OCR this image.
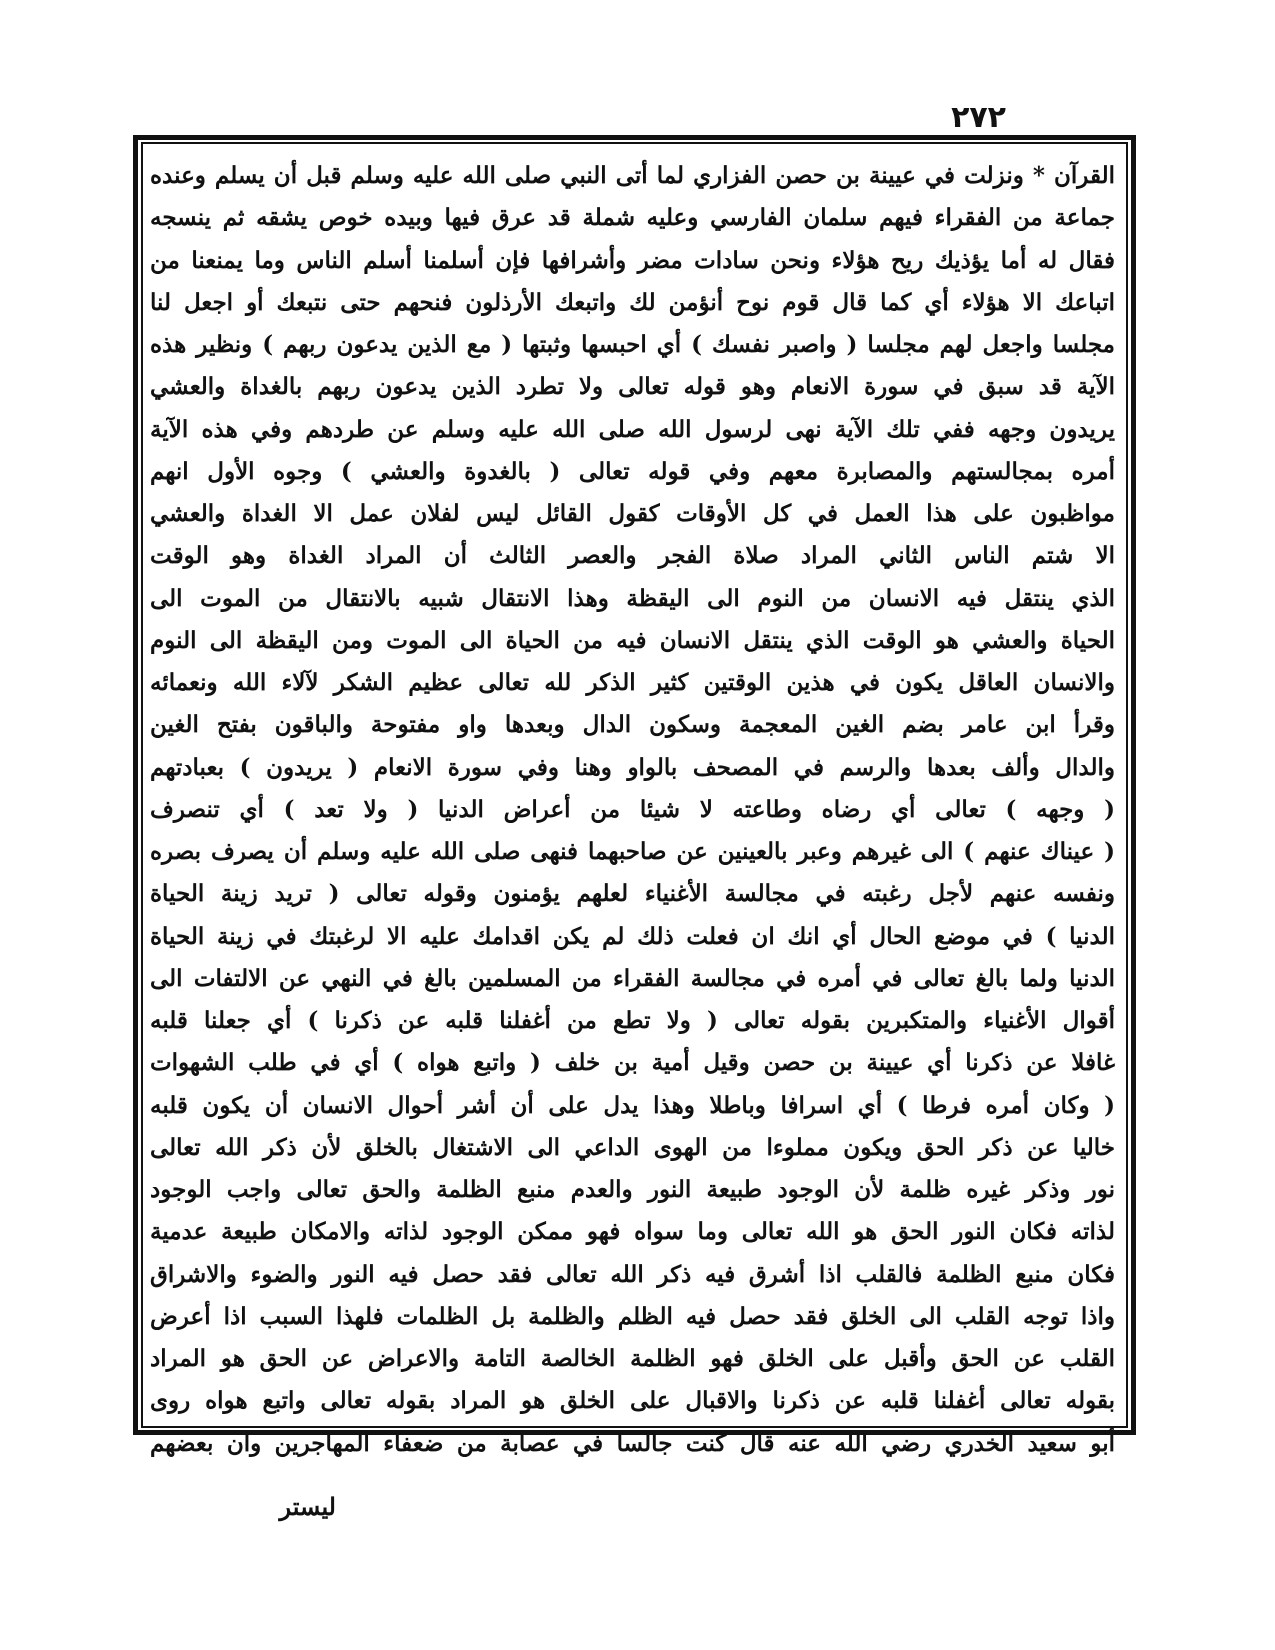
٢٧٢
القرآن * ونزلت في عيينة بن حصن الفزاري لما أتى النبي صلى الله عليه وسلم قبل أن يسلم وعنده
جماعة من الفقراء فيهم سلمان الفارسي وعليه شملة قد عرق فيها وبيده خوص يشقه ثم ينسجه
فقال له أما يؤذيك ريح هؤلاء ونحن سادات مضر وأشرافها فإن أسلمنا أسلم الناس وما يمنعنا من
اتباعك الا هؤلاء أي كما قال قوم نوح أنؤمن لك واتبعك الأرذلون فنحهم حتى نتبعك أو اجعل لنا
مجلسا واجعل لهم مجلسا ( واصبر نفسك ) أي احبسها وثبتها ( مع الذين يدعون ربهم ) ونظير هذه
الآية قد سبق في سورة الانعام وهو قوله تعالى ولا تطرد الذين يدعون ربهم بالغداة والعشي
يريدون وجهه ففي تلك الآية نهى لرسول الله صلى الله عليه وسلم عن طردهم وفي هذه الآية
أمره بمجالستهم والمصابرة معهم وفي قوله تعالى ( بالغدوة والعشي ) وجوه الأول انهم
مواظبون على هذا العمل في كل الأوقات كقول القائل ليس لفلان عمل الا الغداة والعشي
الا شتم الناس الثاني المراد صلاة الفجر والعصر الثالث أن المراد الغداة وهو الوقت
الذي ينتقل فيه الانسان من النوم الى اليقظة وهذا الانتقال شبيه بالانتقال من الموت الى
الحياة والعشي هو الوقت الذي ينتقل الانسان فيه من الحياة الى الموت ومن اليقظة الى النوم
والانسان العاقل يكون في هذين الوقتين كثير الذكر لله تعالى عظيم الشكر لآلاء الله ونعمائه
وقرأ ابن عامر بضم الغين المعجمة وسكون الدال وبعدها واو مفتوحة والباقون بفتح الغين
والدال وألف بعدها والرسم في المصحف بالواو وهنا وفي سورة الانعام ( يريدون ) بعبادتهم
( وجهه ) تعالى أي رضاه وطاعته لا شيئا من أعراض الدنيا ( ولا تعد ) أي تنصرف
( عيناك عنهم ) الى غيرهم وعبر بالعينين عن صاحبهما فنهى صلى الله عليه وسلم أن يصرف بصره
ونفسه عنهم لأجل رغبته في مجالسة الأغنياء لعلهم يؤمنون وقوله تعالى ( تريد زينة الحياة
الدنيا ) في موضع الحال أي انك ان فعلت ذلك لم يكن اقدامك عليه الا لرغبتك في زينة الحياة
الدنيا ولما بالغ تعالى في أمره في مجالسة الفقراء من المسلمين بالغ في النهي عن الالتفات الى
أقوال الأغنياء والمتكبرين بقوله تعالى ( ولا تطع من أغفلنا قلبه عن ذكرنا ) أي جعلنا قلبه
غافلا عن ذكرنا أي عيينة بن حصن وقيل أمية بن خلف ( واتبع هواه ) أي في طلب الشهوات
( وكان أمره فرطا ) أي اسرافا وباطلا وهذا يدل على أن أشر أحوال الانسان أن يكون قلبه
خاليا عن ذكر الحق ويكون مملوءا من الهوى الداعي الى الاشتغال بالخلق لأن ذكر الله تعالى
نور وذكر غيره ظلمة لأن الوجود طبيعة النور والعدم منبع الظلمة والحق تعالى واجب الوجود
لذاته فكان النور الحق هو الله تعالى وما سواه فهو ممكن الوجود لذاته والامكان طبيعة عدمية
فكان منبع الظلمة فالقلب اذا أشرق فيه ذكر الله تعالى فقد حصل فيه النور والضوء والاشراق
واذا توجه القلب الى الخلق فقد حصل فيه الظلم والظلمة بل الظلمات فلهذا السبب اذا أعرض
القلب عن الحق وأقبل على الخلق فهو الظلمة الخالصة التامة والاعراض عن الحق هو المراد
بقوله تعالى أغفلنا قلبه عن ذكرنا والاقبال على الخلق هو المراد بقوله تعالى واتبع هواه روى
أبو سعيد الخدري رضي الله عنه قال كنت جالسا في عصابة من ضعفاء المهاجرين وان بعضهم
ليستر
